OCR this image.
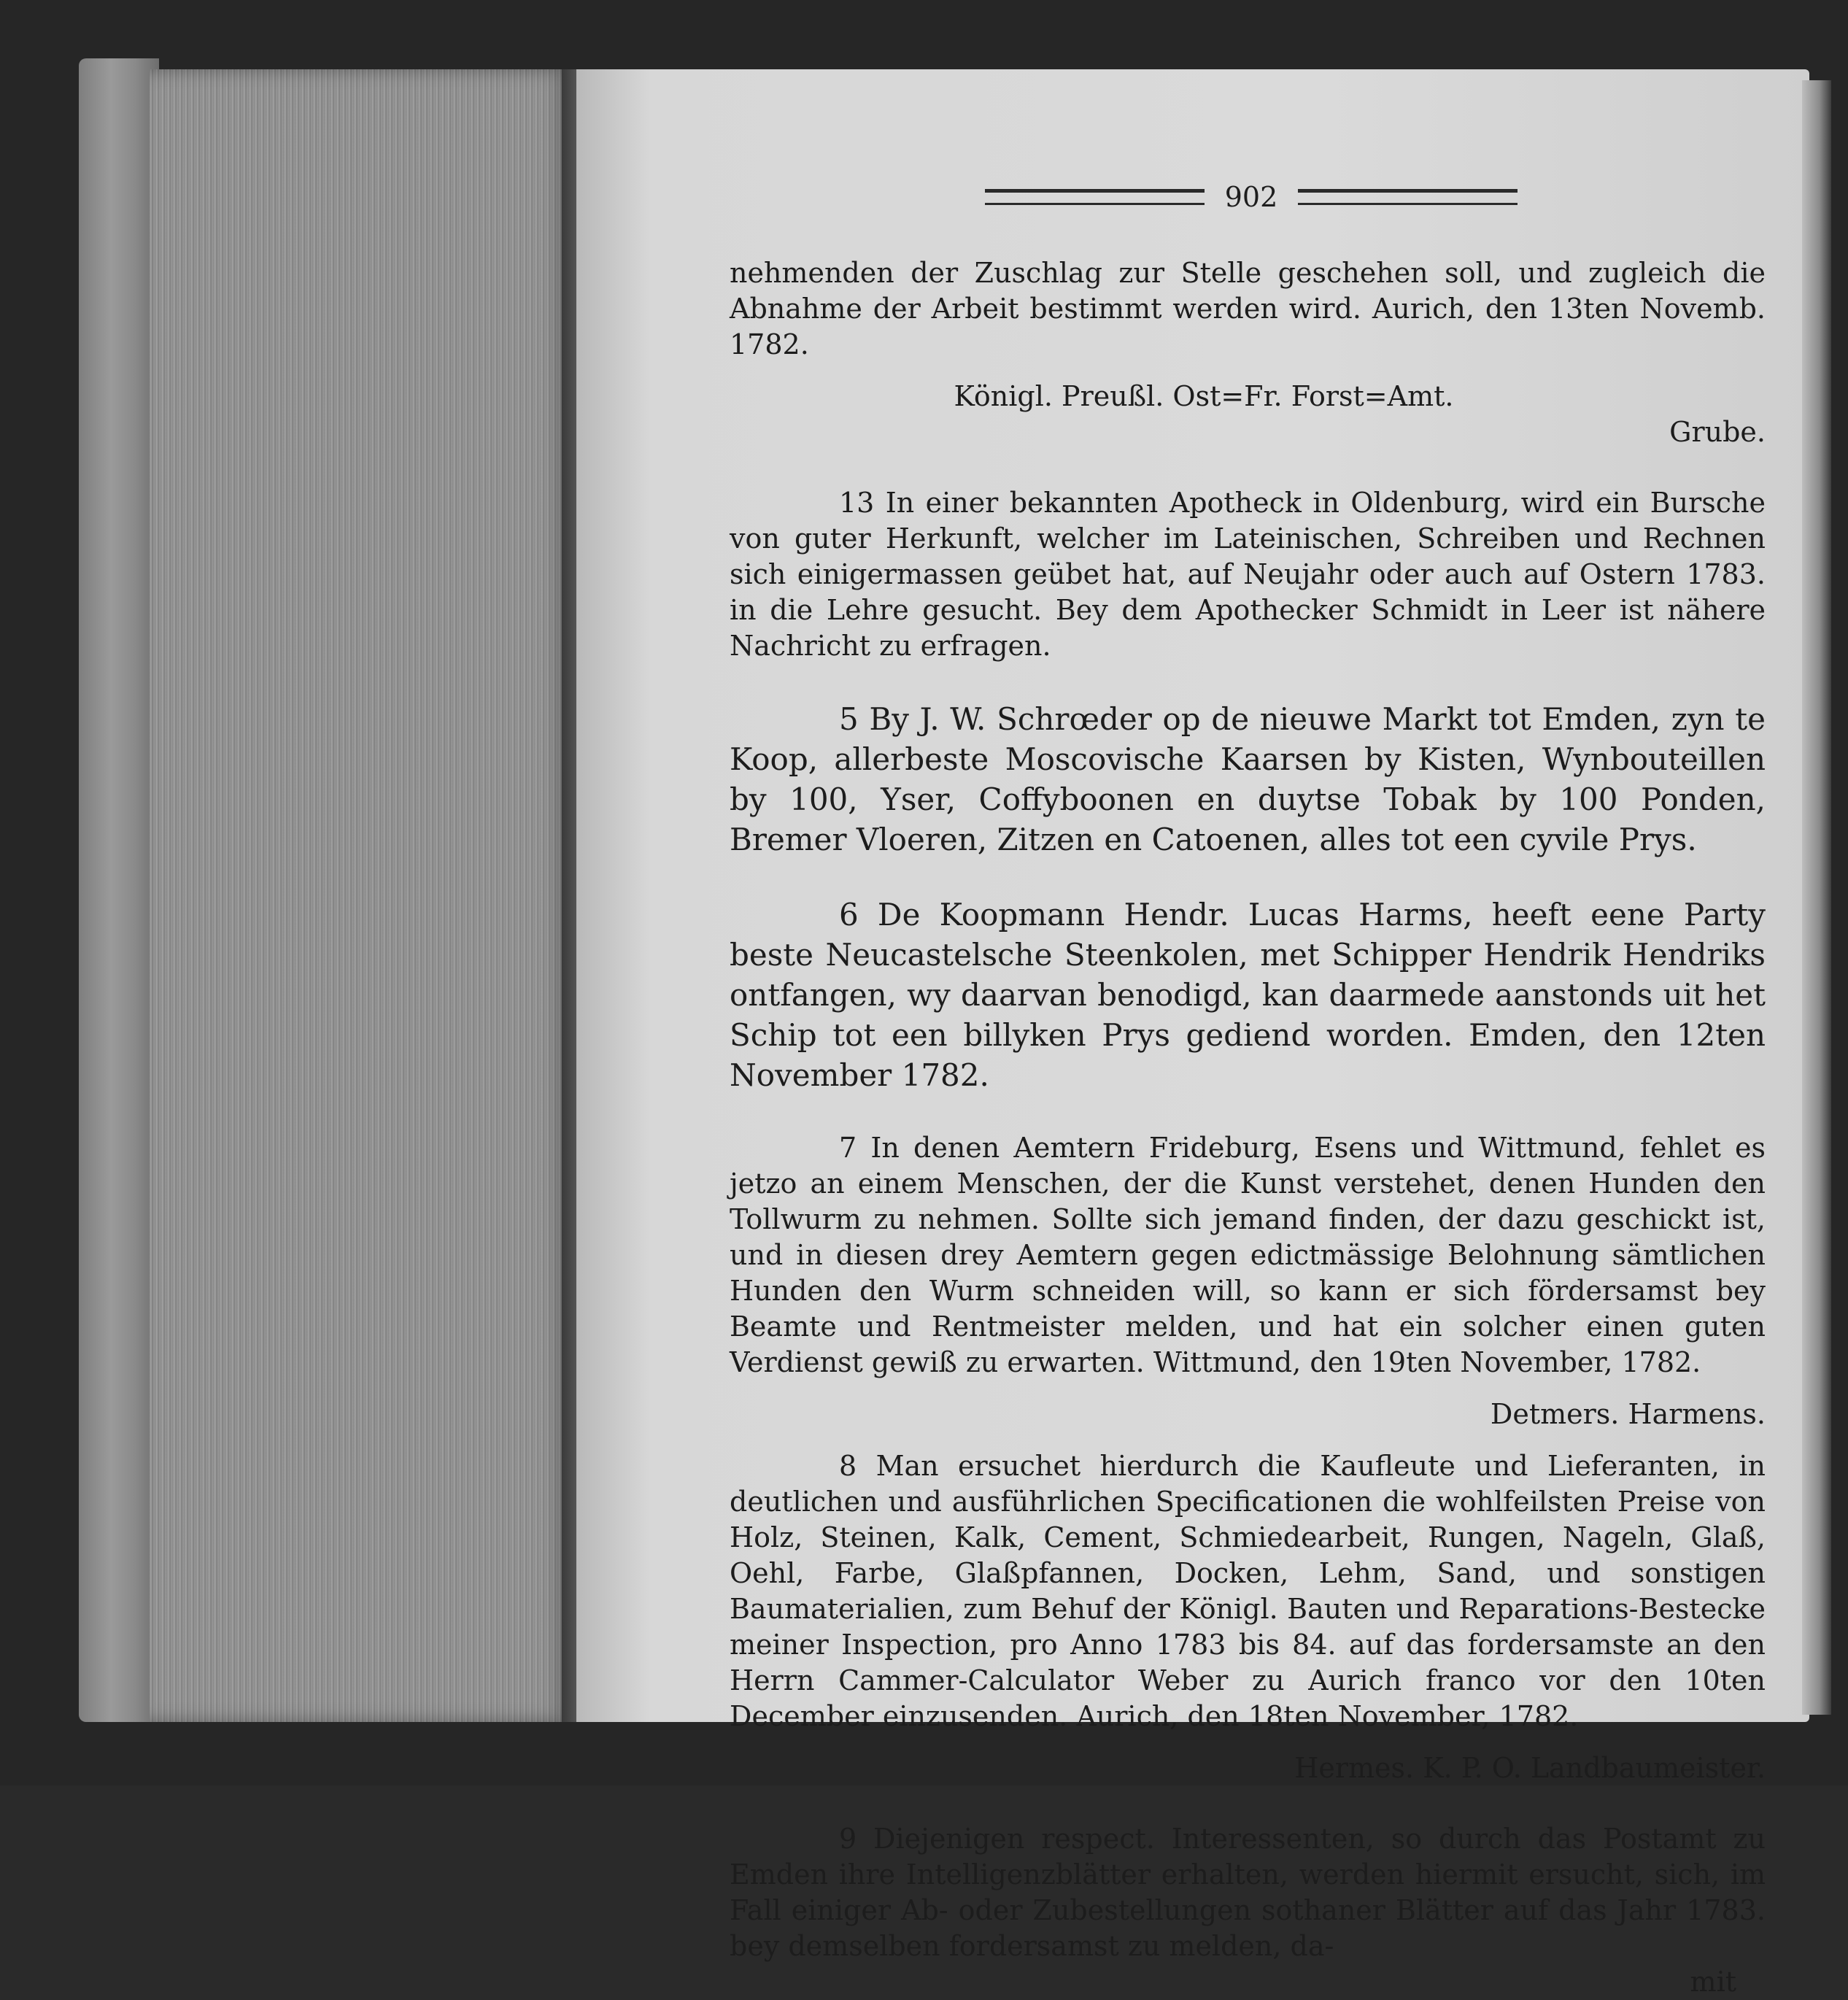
902

nehmenden der Zuschlag zur Stelle geschehen soll, und zugleich die Abnahme der Arbeit bestimmt werden wird. Aurich, den 13ten Novemb. 1782.

Königl. Preußl. Ost=Fr. Forst=Amt.

Grube.

13 In einer bekannten Apotheck in Oldenburg, wird ein Bursche von guter Herkunft, welcher im Lateinischen, Schreiben und Rechnen sich einigermassen geübet hat, auf Neujahr oder auch auf Ostern 1783. in die Lehre gesucht. Bey dem Apothecker Schmidt in Leer ist nähere Nachricht zu erfragen.

5 By J. W. Schrœder op de nieuwe Markt tot Emden, zyn te Koop, allerbeste Moscovische Kaarsen by Kisten, Wynbouteillen by 100, Yser, Coffyboonen en duytse Tobak by 100 Ponden, Bremer Vloeren, Zitzen en Catoenen, alles tot een cyvile Prys.

6 De Koopmann Hendr. Lucas Harms, heeft eene Party beste Neucastelsche Steenkolen, met Schipper Hendrik Hendriks ontfangen, wy daarvan benodigd, kan daarmede aanstonds uit het Schip tot een billyken Prys gediend worden. Emden, den 12ten November 1782.

7 In denen Aemtern Frideburg, Esens und Wittmund, fehlet es jetzo an einem Menschen, der die Kunst verstehet, denen Hunden den Tollwurm zu nehmen. Sollte sich jemand finden, der dazu geschickt ist, und in diesen drey Aemtern gegen edictmässige Belohnung sämtlichen Hunden den Wurm schneiden will, so kann er sich fördersamst bey Beamte und Rentmeister melden, und hat ein solcher einen guten Verdienst gewiß zu erwarten. Wittmund, den 19ten November, 1782.

Detmers. Harmens.

8 Man ersuchet hierdurch die Kaufleute und Lieferanten, in deutlichen und ausführlichen Specificationen die wohlfeilsten Preise von Holz, Steinen, Kalk, Cement, Schmiedearbeit, Rungen, Nageln, Glaß, Oehl, Farbe, Glaßpfannen, Docken, Lehm, Sand, und sonstigen Baumaterialien, zum Behuf der Königl. Bauten und Reparations-Bestecke meiner Inspection, pro Anno 1783 bis 84. auf das fordersamste an den Herrn Cammer-Calculator Weber zu Aurich franco vor den 10ten December einzusenden. Aurich, den 18ten November, 1782.

Hermes. K. P. O. Landbaumeister.

9 Diejenigen respect. Interessenten, so durch das Postamt zu Emden ihre Intelligenzblätter erhalten, werden hiermit ersucht, sich, im Fall einiger Ab- oder Zubestellungen sothaner Blätter auf das Jahr 1783. bey demselben fordersamst zu melden, da-

mit
